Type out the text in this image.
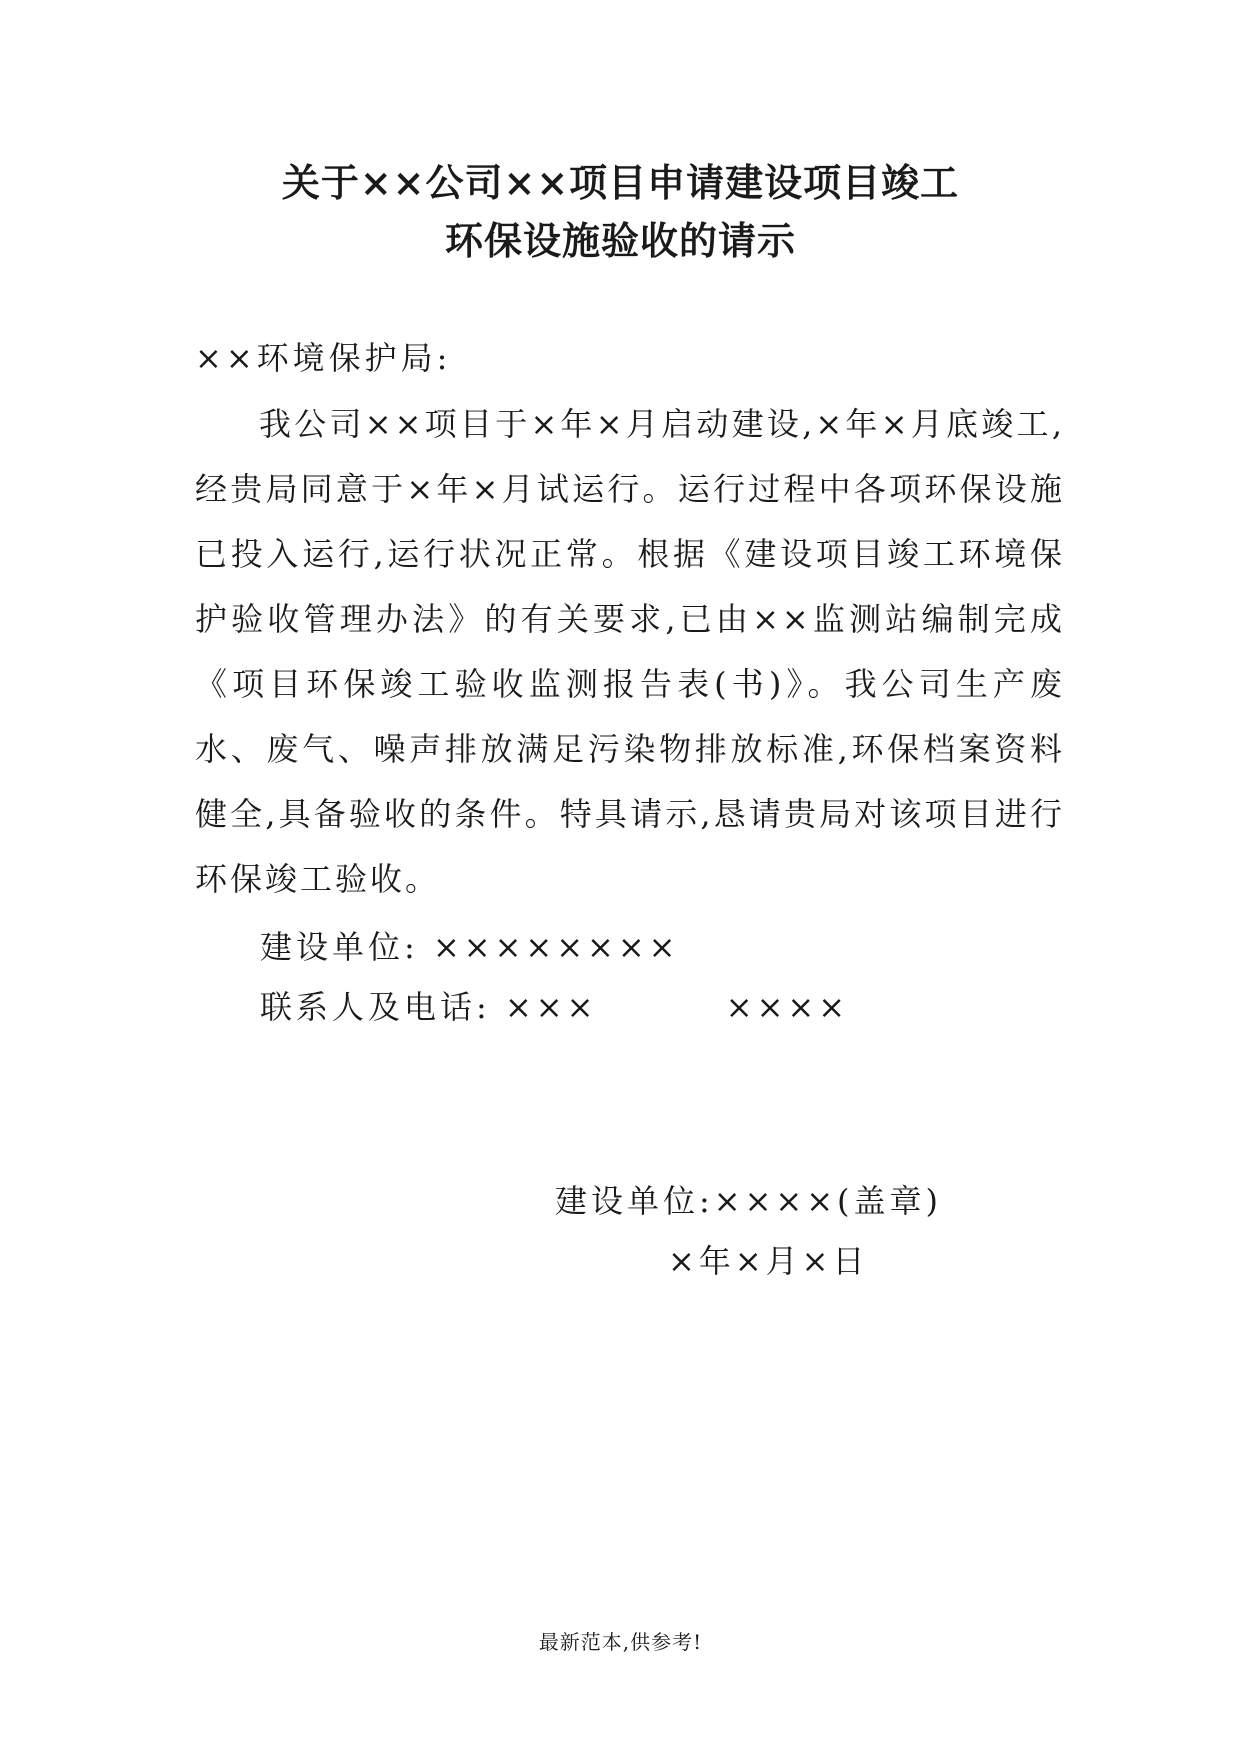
关于××公司××项目申请建设项目竣工
环保设施验收的请示
××环境保护局:

我公司××项目于×年×月启动建设,×年×月底竣工,经贵局同意于×年×月试运行。运行过程中各项环保设施已投入运行,运行状况正常。根据《建设项目竣工环境保护验收管理办法》的有关要求,已由××监测站编制完成 《项目环保竣工验收监测报告表(书)》。我公司生产废水、废气、噪声排放满足污染物排放标准,环保档案资料健全,具备验收的条件。特具请示,恳请贵局对该项目进行环保竣工验收。

建设单位: ××××××××
联系人及电话: ×××	××××
建设单位:××××(盖章)
×年×月×日
最新范本,供参考!
